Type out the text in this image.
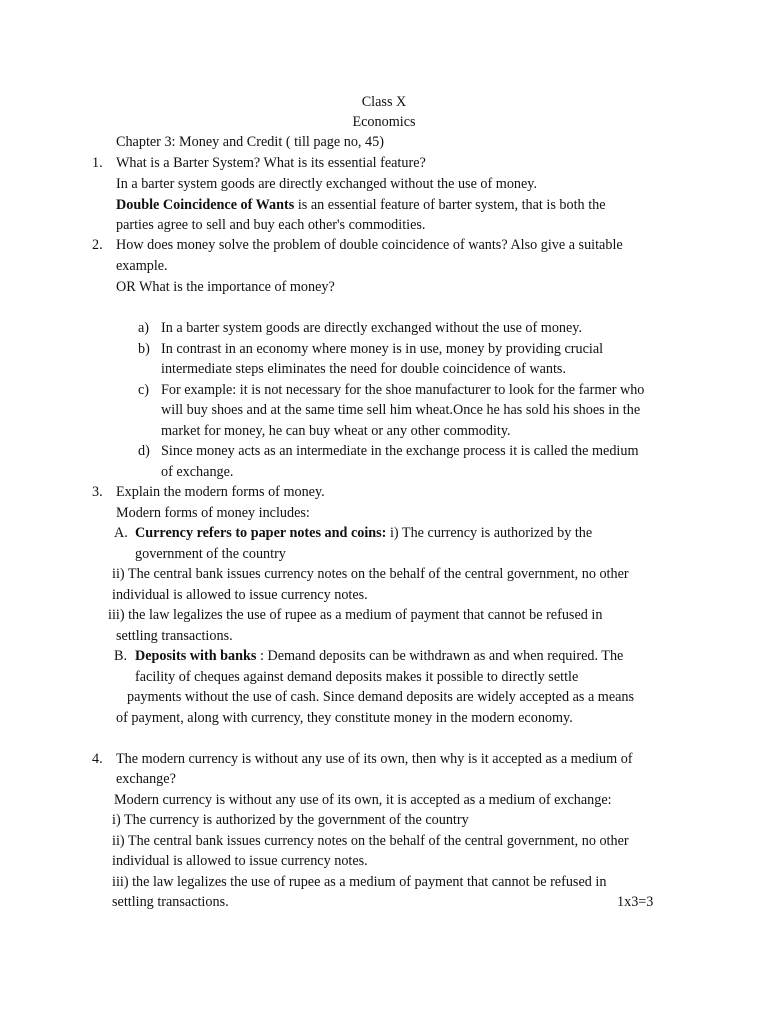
Class X
Economics
Chapter 3: Money and Credit ( till page no, 45)
1. What is a Barter System? What is its essential feature?
In a barter system goods are directly exchanged without the use of money.
Double Coincidence of Wants is an essential feature of barter system, that is both the
parties agree to sell and buy each other's commodities.
2. How does money solve the problem of double coincidence of wants? Also give a suitable
example.
OR What is the importance of money?
a) In a barter system goods are directly exchanged without the use of money.
b) In contrast in an economy where money is in use, money by providing crucial
intermediate steps eliminates the need for double coincidence of wants.
c) For example: it is not necessary for the shoe manufacturer to look for the farmer who
will buy shoes and at the same time sell him wheat.Once he has sold his shoes in the
market for money, he can buy wheat or any other commodity.
d) Since money acts as an intermediate in the exchange process it is called the medium
of exchange.
3. Explain the modern forms of money.
Modern forms of money includes:
A. Currency refers to paper notes and coins: i) The currency is authorized by the
government of the country
ii) The central bank issues currency notes on the behalf of the central government, no other
individual is allowed to issue currency notes.
iii) the law legalizes the use of rupee as a medium of payment that cannot be refused in
settling transactions.
B. Deposits with banks : Demand deposits can be withdrawn as and when required. The
facility of cheques against demand deposits makes it possible to directly settle
payments without the use of cash. Since demand deposits are widely accepted as a means
of payment, along with currency, they constitute money in the modern economy.
4. The modern currency is without any use of its own, then why is it accepted as a medium of
exchange?
Modern currency is without any use of its own, it is accepted as a medium of exchange:
i) The currency is authorized by the government of the country
ii) The central bank issues currency notes on the behalf of the central government, no other
individual is allowed to issue currency notes.
iii) the law legalizes the use of rupee as a medium of payment that cannot be refused in
settling transactions.	1x3=3
